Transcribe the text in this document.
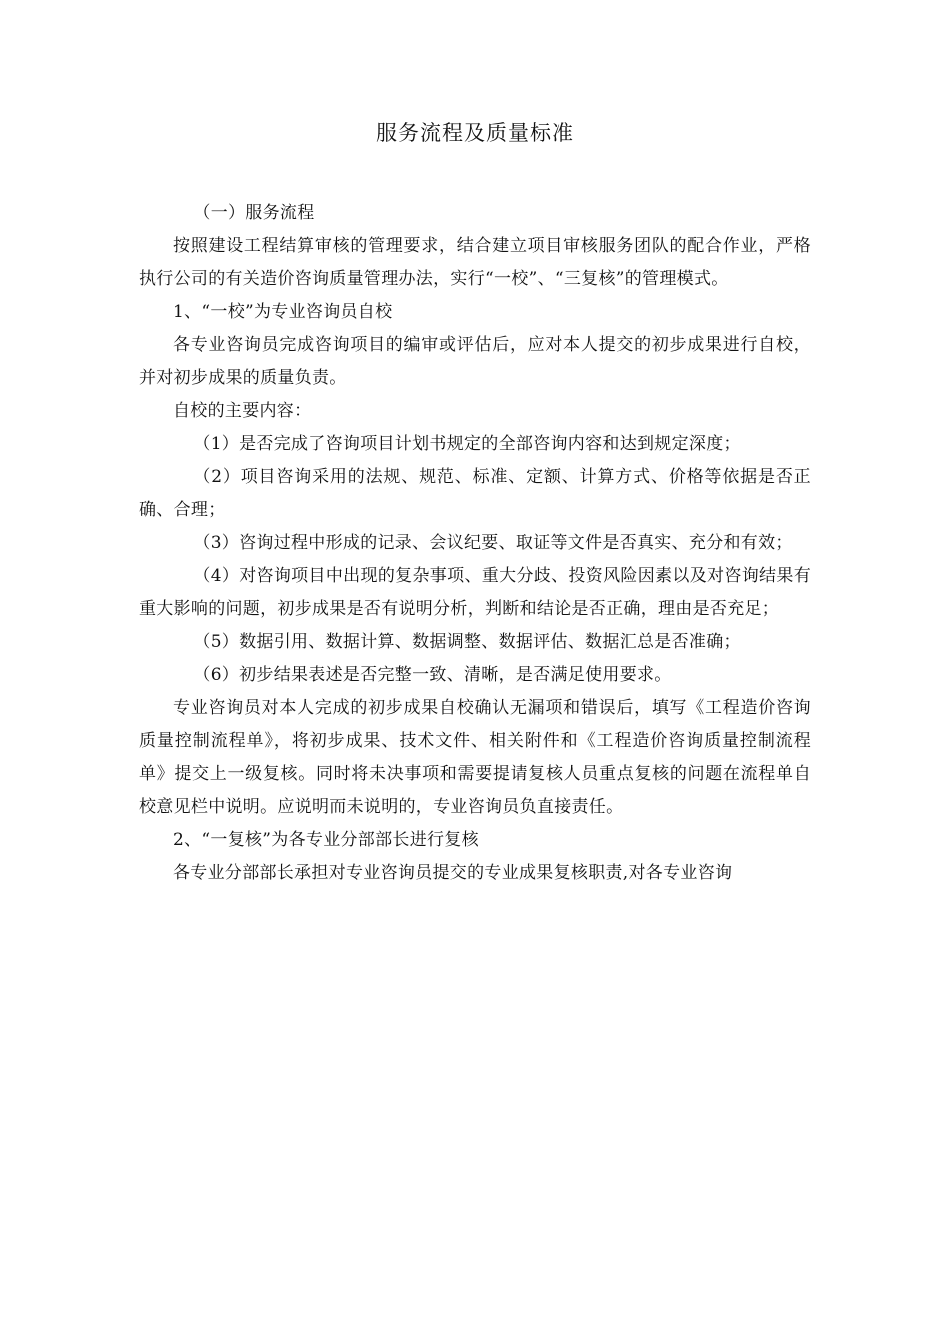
服务流程及质量标准

（一）服务流程

按照建设工程结算审核的管理要求，结合建立项目审核服务团队的配合作业，严格执行公司的有关造价咨询质量管理办法，实行“一校”、“三复核”的管理模式。

1、“一校”为专业咨询员自校

各专业咨询员完成咨询项目的编审或评估后，应对本人提交的初步成果进行自校，并对初步成果的质量负责。

自校的主要内容：

（1）是否完成了咨询项目计划书规定的全部咨询内容和达到规定深度；

（2）项目咨询采用的法规、规范、标准、定额、计算方式、价格等依据是否正确、合理；

（3）咨询过程中形成的记录、会议纪要、取证等文件是否真实、充分和有效；

（4）对咨询项目中出现的复杂事项、重大分歧、投资风险因素以及对咨询结果有重大影响的问题，初步成果是否有说明分析，判断和结论是否正确，理由是否充足；

（5）数据引用、数据计算、数据调整、数据评估、数据汇总是否准确；

（6）初步结果表述是否完整一致、清晰，是否满足使用要求。

专业咨询员对本人完成的初步成果自校确认无漏项和错误后，填写《工程造价咨询质量控制流程单》，将初步成果、技术文件、相关附件和《工程造价咨询质量控制流程单》提交上一级复核。同时将未决事项和需要提请复核人员重点复核的问题在流程单自校意见栏中说明。应说明而未说明的，专业咨询员负直接责任。

2、“一复核”为各专业分部部长进行复核

各专业分部部长承担对专业咨询员提交的专业成果复核职责,对各专业咨询
